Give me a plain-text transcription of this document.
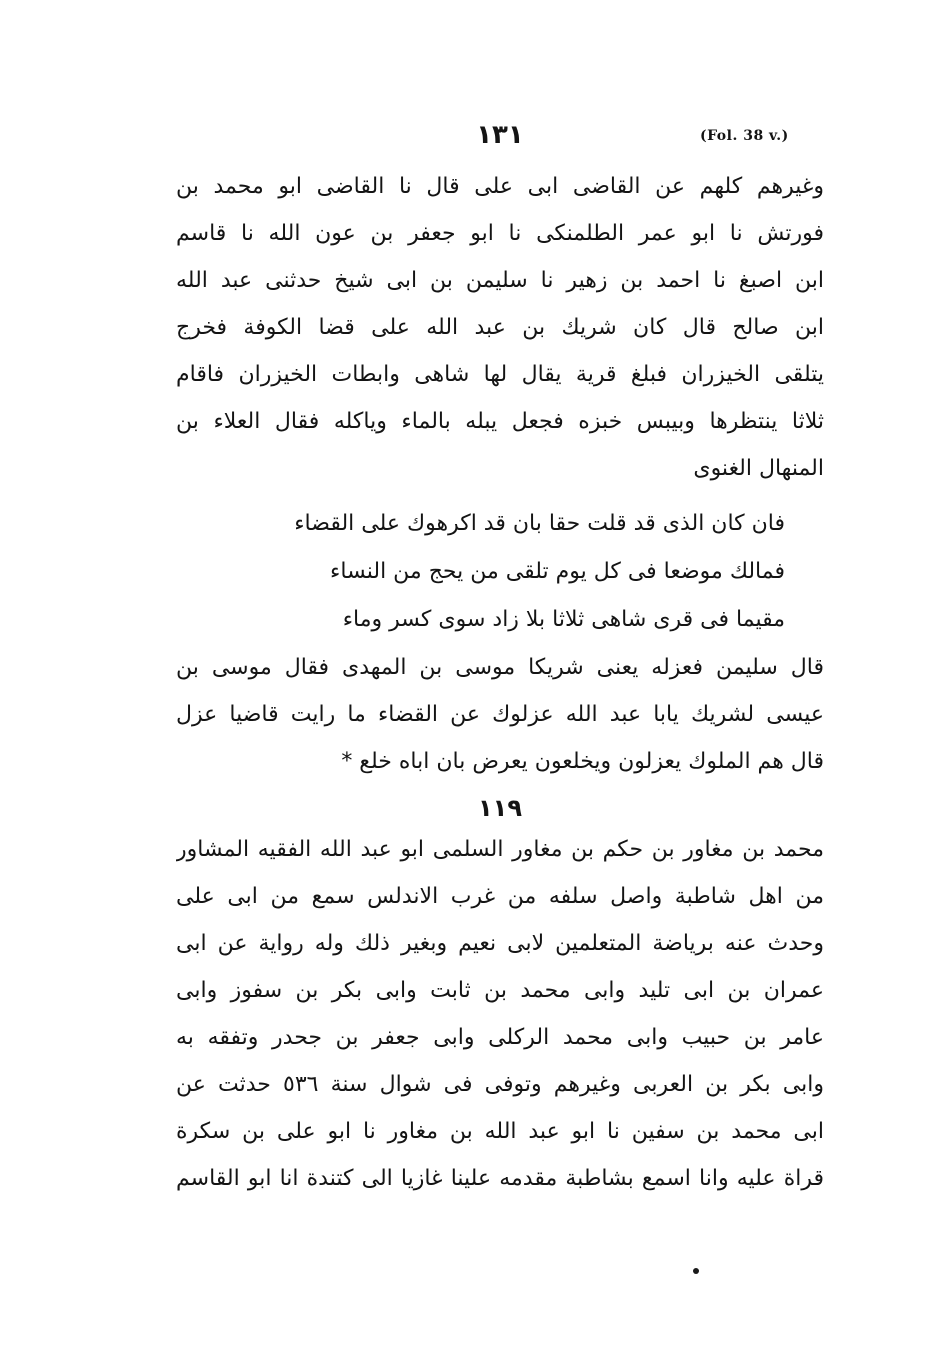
١٣١	(Fol. 38 v.)
وغيرهم كلهم عن القاضى ابى على قال نا القاضى ابو محمد بن
فورتش نا ابو عمر الطلمنكى نا ابو جعفر بن عون الله نا قاسم
ابن اصبغ نا احمد بن زهير نا سليمن بن ابى شيخ حدثنى عبد الله
ابن صالح قال كان شريك بن عبد الله على قضا الكوفة فخرج
يتلقى الخيزران فبلغ قرية يقال لها شاهى وابطات الخيزران فاقام
ثلاثا ينتظرها وبيبس خبزه فجعل يبله بالماء وياكله فقال العلاء بن
المنهال الغنوى
فان كان الذى قد قلت حقا بان قد اكرهوك على القضاء
فمالك موضعا فى كل يوم تلقى من يحج من النساء
مقيما فى قرى شاهى ثلاثا بلا زاد سوى كسر وماء
قال سليمن فعزله يعنى شريكا موسى بن المهدى فقال موسى بن
عيسى لشريك يابا عبد الله عزلوك عن القضاء ما رايت قاضيا عزل
قال هم الملوك يعزلون ويخلعون يعرض بان اباه خلع *
١١٩
محمد بن مغاور بن حكم بن مغاور السلمى ابو عبد الله الفقيه المشاور
من اهل شاطبة واصل سلفه من غرب الاندلس سمع من ابى على
وحدث عنه برياضة المتعلمين لابى نعيم وبغير ذلك وله رواية عن ابى
عمران بن ابى تليد وابى محمد بن ثابت وابى بكر بن سفوز وابى
عامر بن حبيب وابى محمد الركلى وابى جعفر بن جحدر وتفقه به
وابى بكر بن العربى وغيرهم وتوفى فى شوال سنة ٥٣٦ حدثت عن
ابى محمد بن سفين نا ابو عبد الله بن مغاور نا ابو على بن سكرة
قراة عليه وانا اسمع بشاطبة مقدمه علينا غازيا الى كتندة انا ابو القاسم
